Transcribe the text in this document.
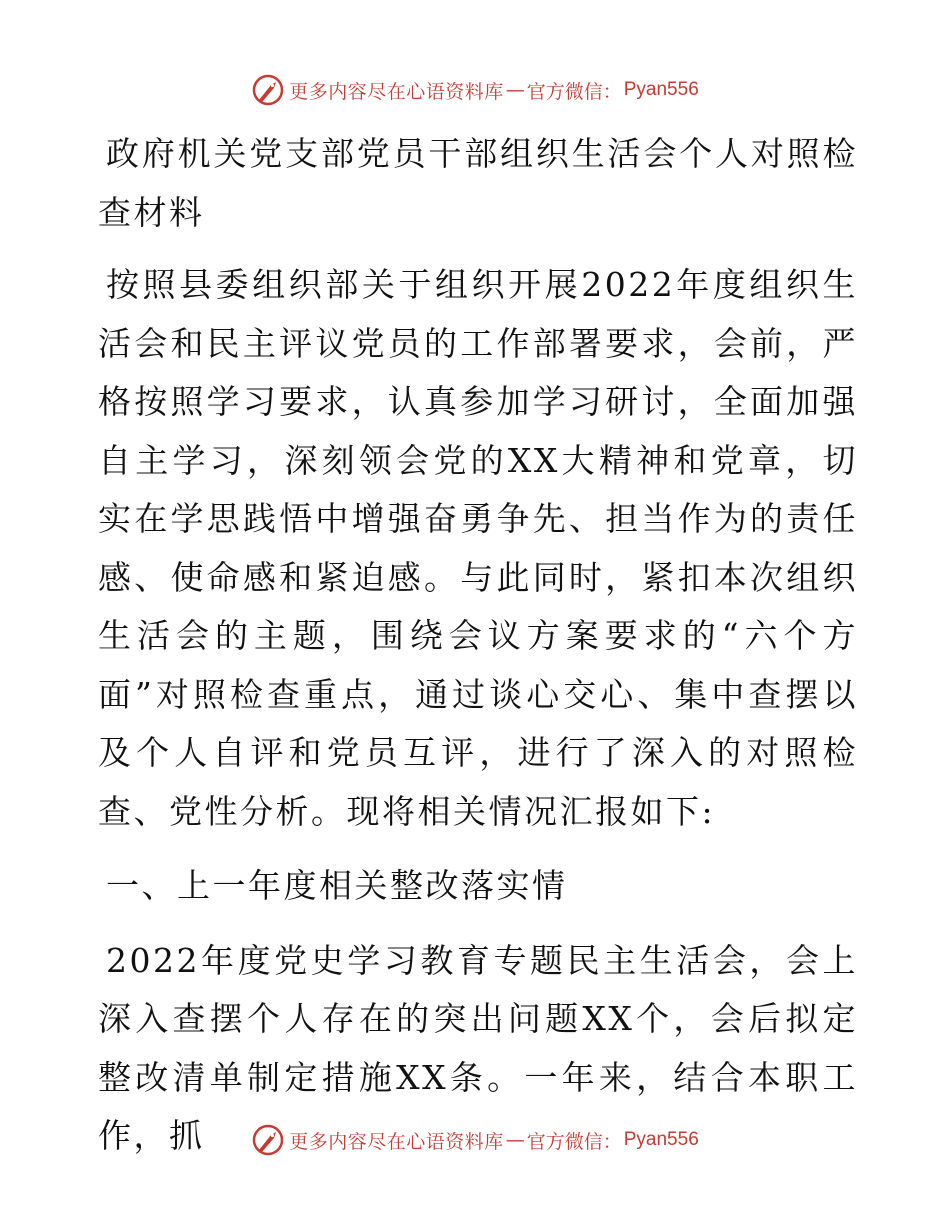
更多内容尽在心语资料库 — 官方微信： Pyan556

政府机关党支部党员干部组织生活会个人对照检查材料

按照县委组织部关于组织开展2022年度组织生活会和民主评议党员的工作部署要求，会前，严格按照学习要求，认真参加学习研讨，全面加强自主学习，深刻领会党的XX大精神和党章，切实在学思践悟中增强奋勇争先、担当作为的责任感、使命感和紧迫感。与此同时，紧扣本次组织生活会的主题，围绕会议方案要求的“六个方面”对照检查重点，通过谈心交心、集中查摆以及个人自评和党员互评，进行了深入的对照检查、党性分析。现将相关情况汇报如下:

一、上一年度相关整改落实情

2022年度党史学习教育专题民主生活会，会上深入查摆个人存在的突出问题XX个，会后拟定整改清单制定措施XX条。一年来，结合本职工作，抓	更多内容尽在心语资料库 — 官方微信： Pyan556
